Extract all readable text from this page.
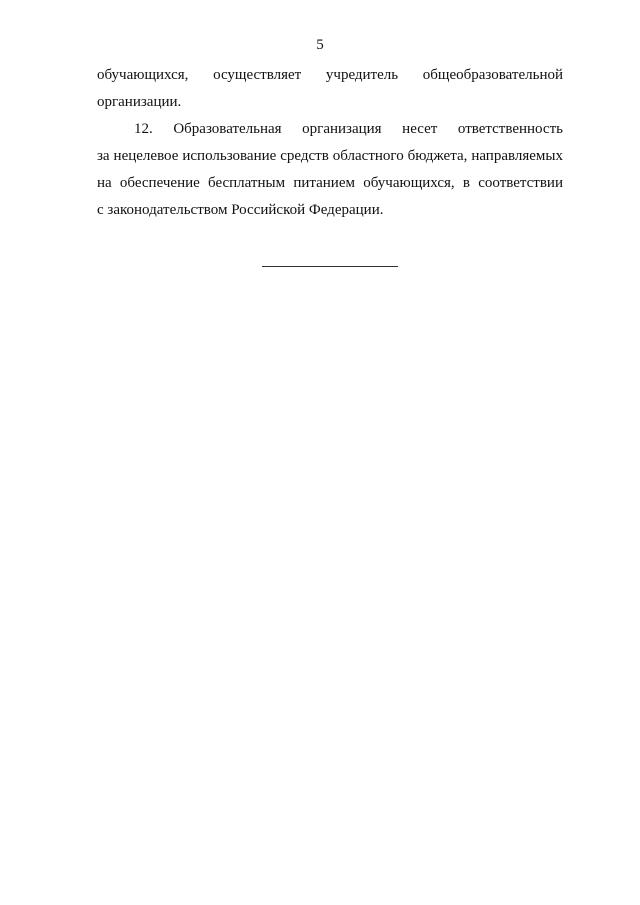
5
обучающихся, осуществляет учредитель общеобразовательной
организации.
12. Образовательная организация несет ответственность
за нецелевое использование средств областного бюджета, направляемых
на обеспечение бесплатным питанием обучающихся, в соответствии
с законодательством Российской Федерации.
